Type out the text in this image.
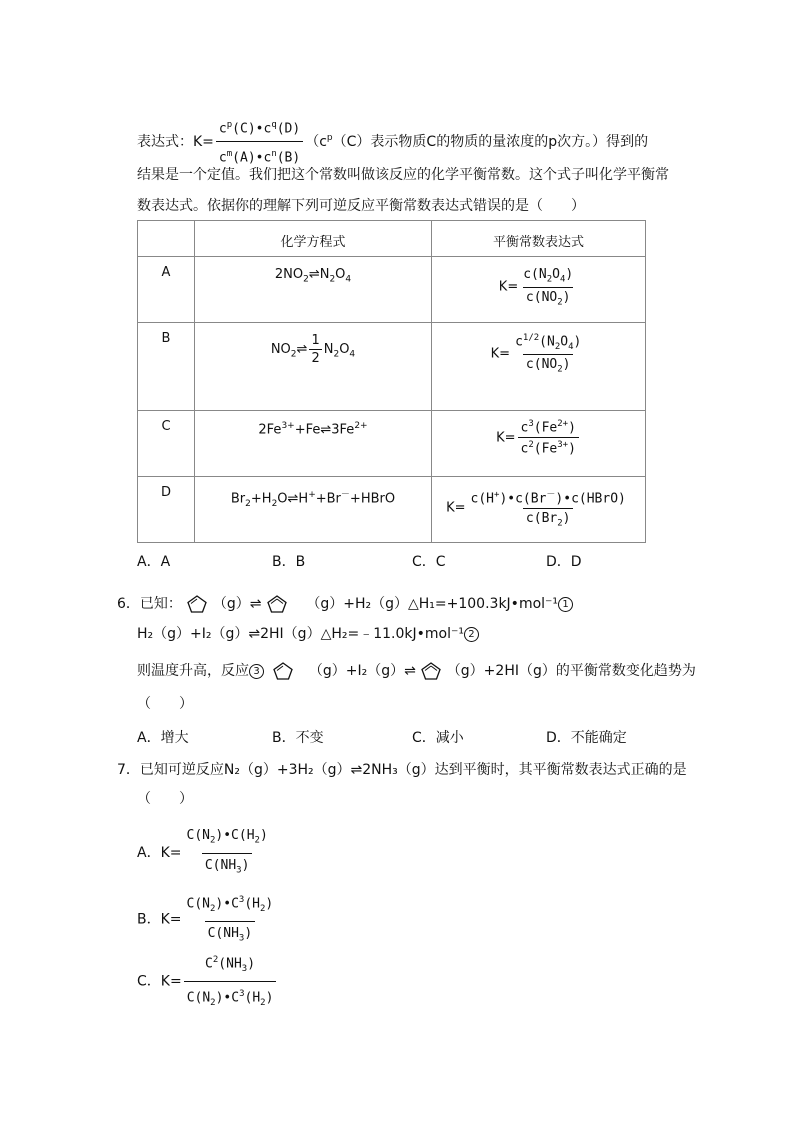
表达式：$K= \frac{c^p(C)•c^q(D)}{c^m(A)•c^n(B)} (c^p(C)$表示物质C的物质的量浓度的p次方。）得到的
结果是一个定值。我们把这个常数叫做该反应的化学平衡常数。这个式子叫化学平衡常
数表达式。依据你的理解下列可逆反应平衡常数表达式错误的是（　　）
	化学方程式	平衡常数表达式
A	$2NO_2\rightleftharpoons N_2O_4$	$K= \frac{c(N_2O_4)}{c(NO_2)}$

B	$NO_2\rightleftharpoons \frac{1}{2} N_2O_4$	$K= \frac{c^{1/2}(N_2O_4)}{c(NO_2)}$

C	$2Fe^{3+}+Fe\rightleftharpoons 3Fe^{2+}$	$K= \frac{c^3(Fe^{2+})}{c^2(Fe^{3+})}$

D	$Br_2+H_2O\rightleftharpoons H^++Br^-+HBrO$	$K= \frac{c(H^+)•c(Br^-)•c(HBrO)}{c(Br_2)}$
A．A	B．B	C．C	D．D
6．已知： （g）⇌	（g）+H₂（g）△H₁=+100.3kJ•mol⁻¹ 1
H₂（g）+I₂（g）⇌2HI（g）△H₂=﹣11.0kJ•mol⁻¹ 2
则温度升高，反应 3	（g）+I₂（g）⇌ （g）+2HI（g）的平衡常数变化趋势为
（　　）
A．增大	B．不变	C．减小	D．不能确定
7．已知可逆反应N₂（g）+3H₂（g）⇌2NH₃（g）达到平衡时，其平衡常数表达式正确的是
（　　）
A．$K= \frac{C(N_2)•C(H_2)}{C(NH_3)}$
B．$K= \frac{C(N_2)•C^3(H_2)}{C(NH_3)}$
C．$K= \frac{C^2(NH_3)}{C(N_2)•C^3(H_2)}$
